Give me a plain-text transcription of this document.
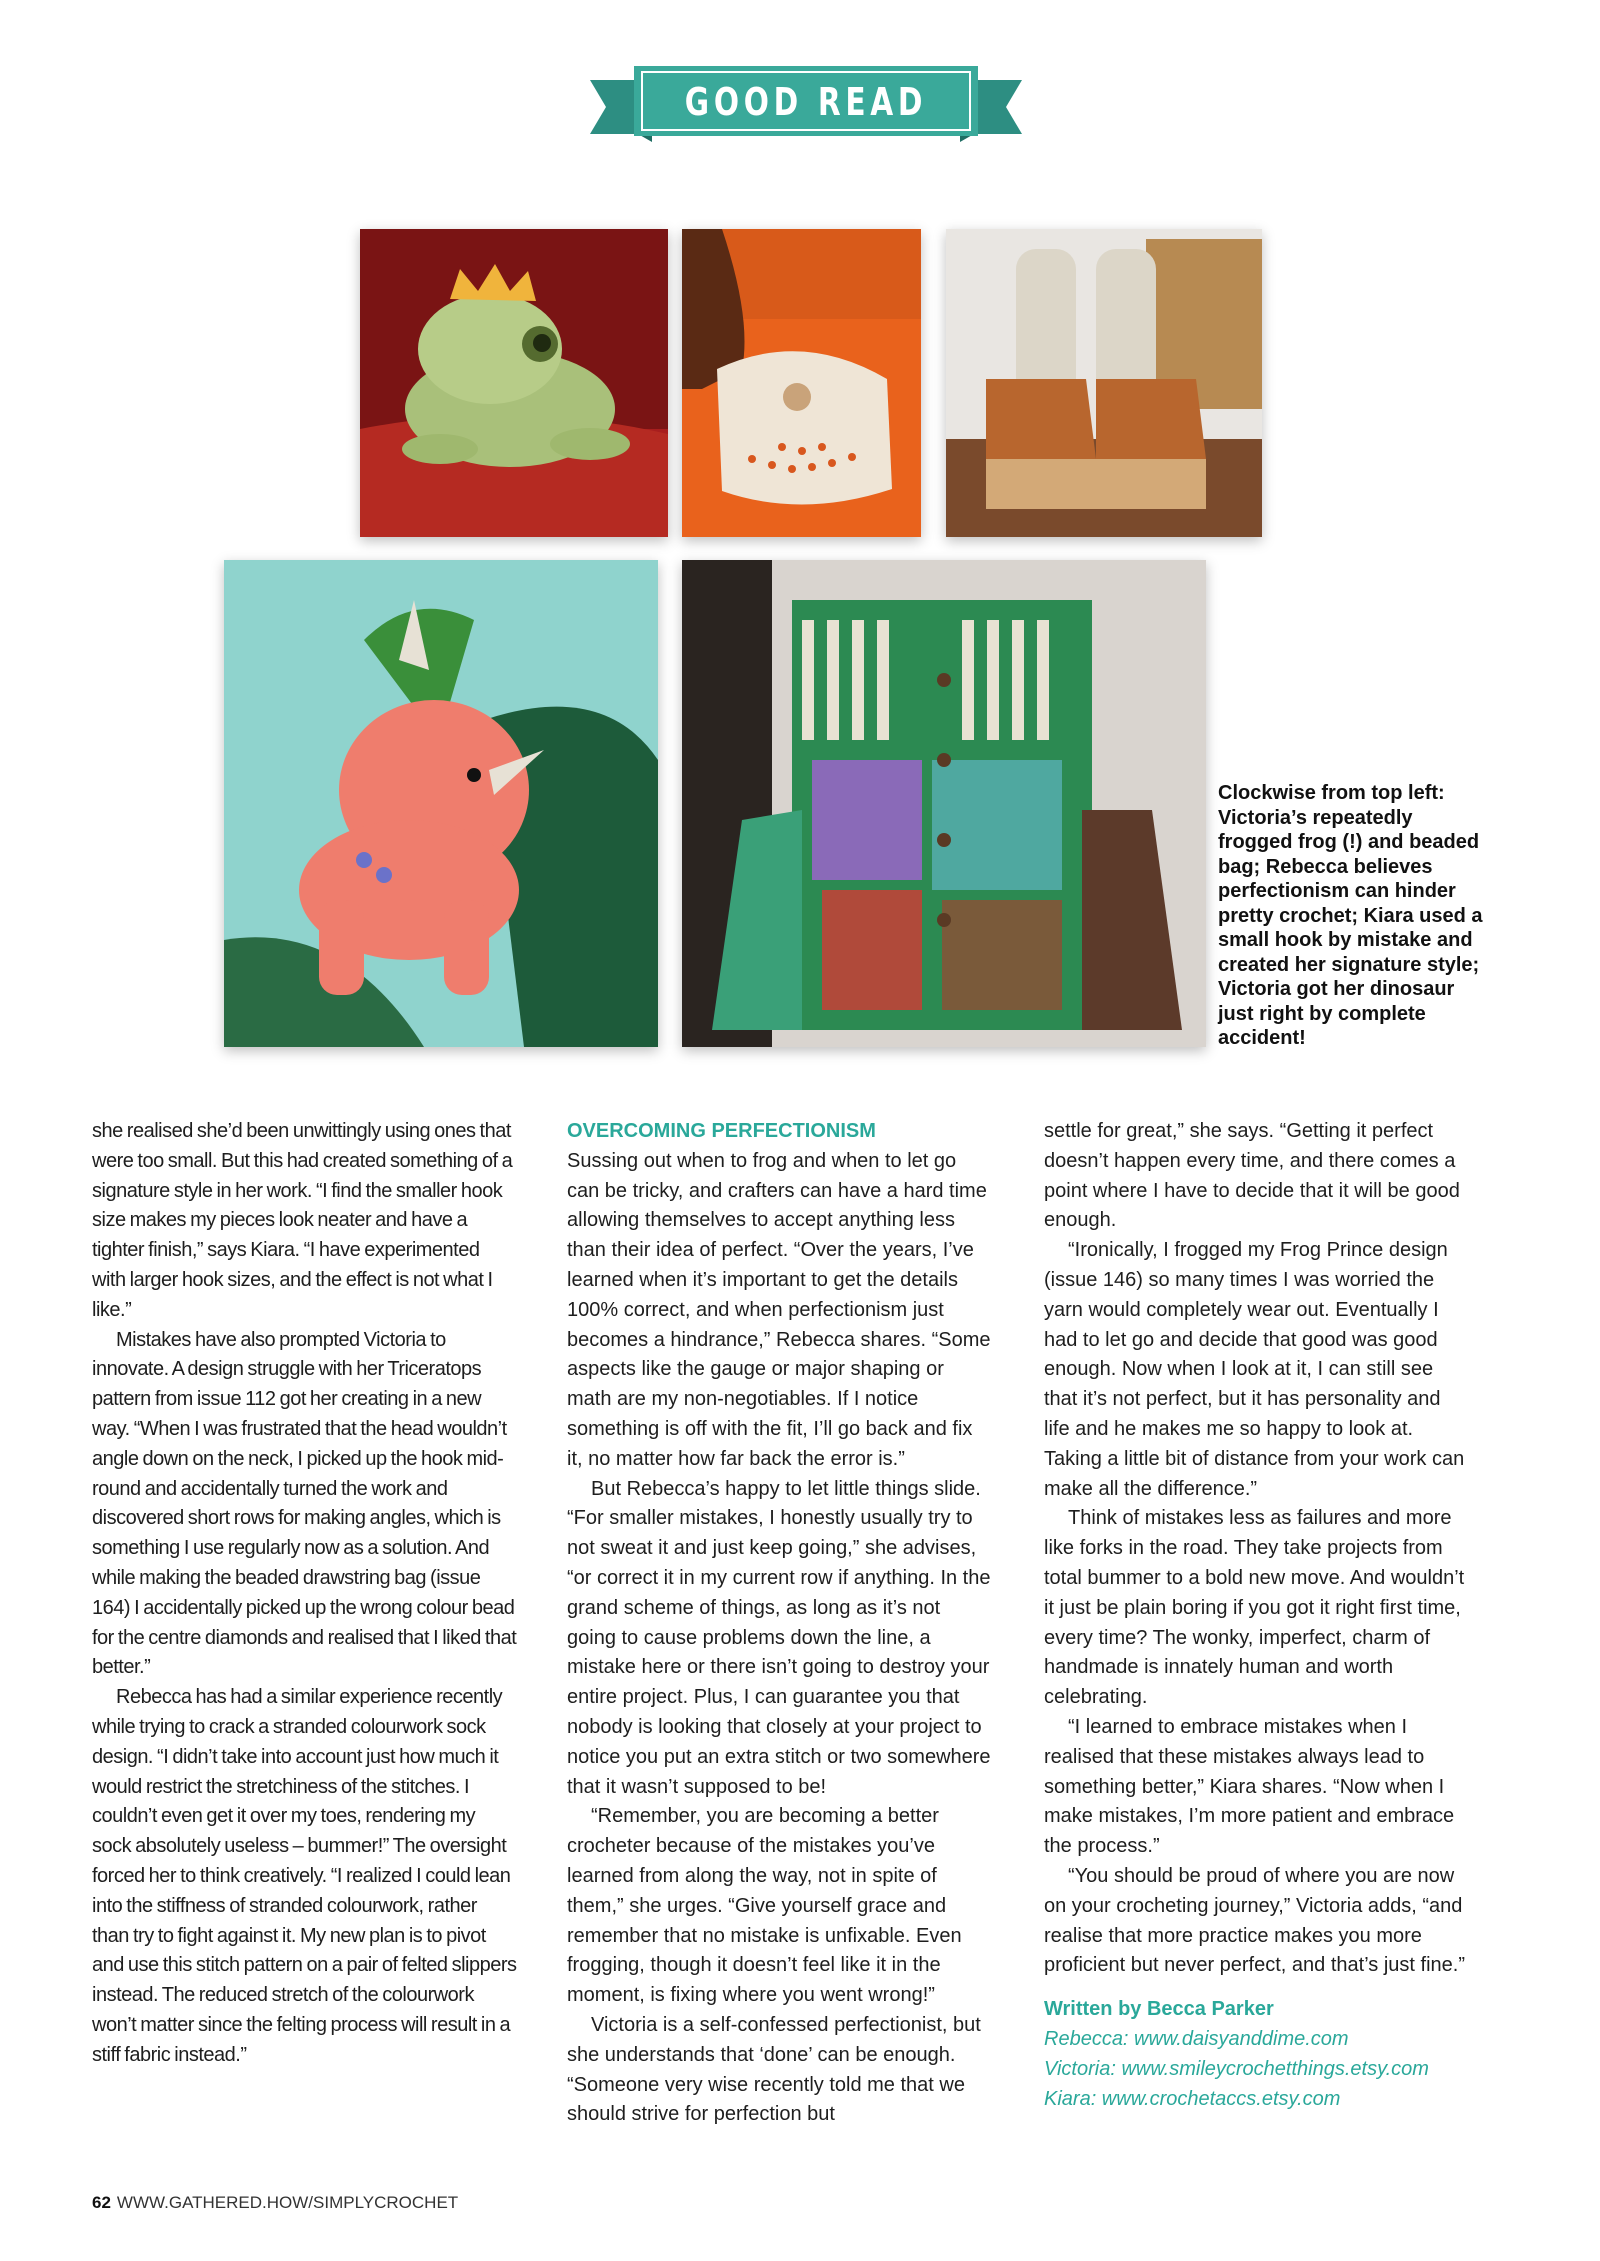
GOOD READ
Clockwise from top left: Victoria’s repeatedly frogged frog (!) and beaded bag; Rebecca believes perfectionism can hinder pretty crochet; Kiara used a small hook by mistake and created her signature style; Victoria got her dinosaur just right by complete accident!

she realised she’d been unwittingly using ones that were too small. But this had created something of a signature style in her work. “I find the smaller hook size makes my pieces look neater and have a tighter finish,” says Kiara. “I have experimented with larger hook sizes, and the effect is not what I like.”

Mistakes have also prompted Victoria to innovate. A design struggle with her Triceratops pattern from issue 112 got her creating in a new way. “When I was frustrated that the head wouldn’t angle down on the neck, I picked up the hook mid-round and accidentally turned the work and discovered short rows for making angles, which is something I use regularly now as a solution. And while making the beaded drawstring bag (issue 164) I accidentally picked up the wrong colour bead for the centre diamonds and realised that I liked that better.”

Rebecca has had a similar experience recently while trying to crack a stranded colourwork sock design. “I didn’t take into account just how much it would restrict the stretchiness of the stitches. I couldn’t even get it over my toes, rendering my sock absolutely useless – bummer!” The oversight forced her to think creatively. “I realized I could lean into the stiffness of stranded colourwork, rather than try to fight against it. My new plan is to pivot and use this stitch pattern on a pair of felted slippers instead. The reduced stretch of the colourwork won’t matter since the felting process will result in a stiff fabric instead.”

OVERCOMING PERFECTIONISM

Sussing out when to frog and when to let go can be tricky, and crafters can have a hard time allowing themselves to accept anything less than their idea of perfect. “Over the years, I’ve learned when it’s important to get the details 100% correct, and when perfectionism just becomes a hindrance,” Rebecca shares. “Some aspects like the gauge or major shaping or math are my non-negotiables. If I notice something is off with the fit, I’ll go back and fix it, no matter how far back the error is.”

But Rebecca’s happy to let little things slide. “For smaller mistakes, I honestly usually try to not sweat it and just keep going,” she advises, “or correct it in my current row if anything. In the grand scheme of things, as long as it’s not going to cause problems down the line, a mistake here or there isn’t going to destroy your entire project. Plus, I can guarantee you that nobody is looking that closely at your project to notice you put an extra stitch or two somewhere that it wasn’t supposed to be!

“Remember, you are becoming a better crocheter because of the mistakes you’ve learned from along the way, not in spite of them,” she urges. “Give yourself grace and remember that no mistake is unfixable. Even frogging, though it doesn’t feel like it in the moment, is fixing where you went wrong!”

Victoria is a self-confessed perfectionist, but she understands that ‘done’ can be enough. “Someone very wise recently told me that we should strive for perfection but

settle for great,” she says. “Getting it perfect doesn’t happen every time, and there comes a point where I have to decide that it will be good enough.

“Ironically, I frogged my Frog Prince design (issue 146) so many times I was worried the yarn would completely wear out. Eventually I had to let go and decide that good was good enough. Now when I look at it, I can still see that it’s not perfect, but it has personality and life and he makes me so happy to look at. Taking a little bit of distance from your work can make all the difference.”

Think of mistakes less as failures and more like forks in the road. They take projects from total bummer to a bold new move. And wouldn’t it just be plain boring if you got it right first time, every time? The wonky, imperfect, charm of handmade is innately human and worth celebrating.

“I learned to embrace mistakes when I realised that these mistakes always lead to something better,” Kiara shares. “Now when I make mistakes, I’m more patient and embrace the process.”

“You should be proud of where you are now on your crocheting journey,” Victoria adds, “and realise that more practice makes you more proficient but never perfect, and that’s just fine.”

Written by Becca Parker
Rebecca: www.daisyanddime.com
Victoria: www.smileycrochetthings.etsy.com
Kiara: www.crochetaccs.etsy.com
62 WWW.GATHERED.HOW/SIMPLYCROCHET
